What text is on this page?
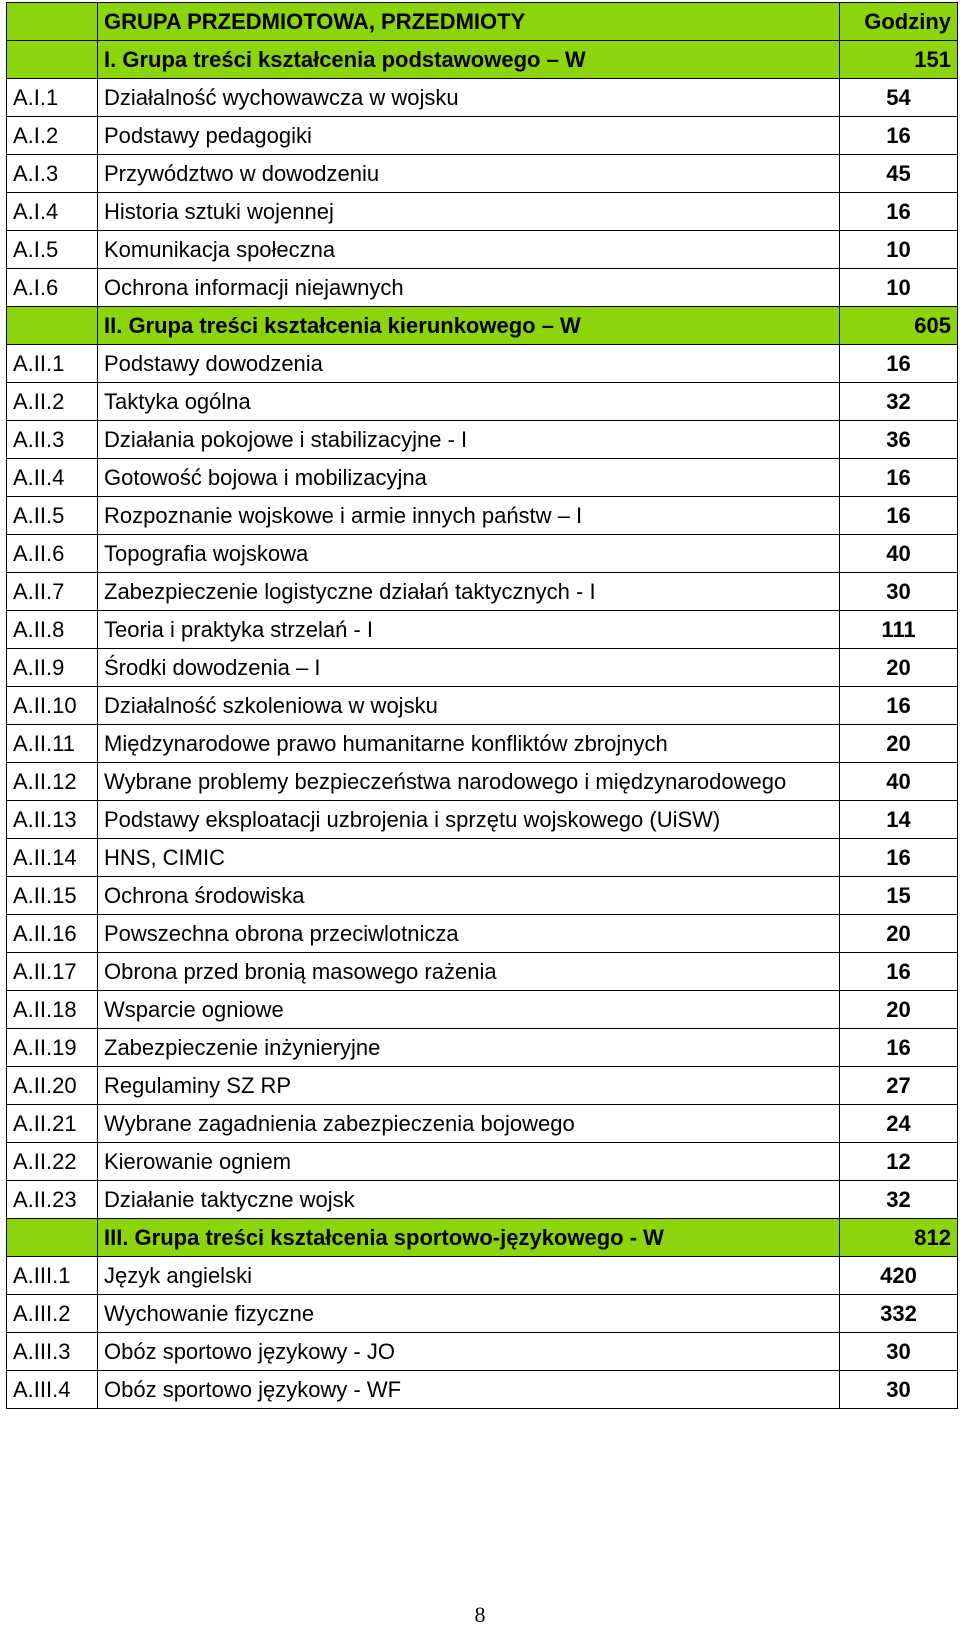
	GRUPA PRZEDMIOTOWA, PRZEDMIOTY	Godziny
	I. Grupa treści kształcenia podstawowego – W	151
A.I.1	Działalność wychowawcza w wojsku	54
A.I.2	Podstawy pedagogiki	16
A.I.3	Przywództwo w dowodzeniu	45
A.I.4	Historia sztuki wojennej	16
A.I.5	Komunikacja społeczna	10
A.I.6	Ochrona informacji niejawnych	10
	II. Grupa treści kształcenia kierunkowego – W	605
A.II.1	Podstawy dowodzenia	16
A.II.2	Taktyka ogólna	32
A.II.3	Działania pokojowe i stabilizacyjne - I	36
A.II.4	Gotowość bojowa i mobilizacyjna	16
A.II.5	Rozpoznanie wojskowe i armie innych państw – I	16
A.II.6	Topografia wojskowa	40
A.II.7	Zabezpieczenie logistyczne działań taktycznych - I	30
A.II.8	Teoria i praktyka strzelań - I	111
A.II.9	Środki dowodzenia – I	20
A.II.10	Działalność szkoleniowa w wojsku	16
A.II.11	Międzynarodowe prawo humanitarne konfliktów zbrojnych	20
A.II.12	Wybrane problemy bezpieczeństwa narodowego i międzynarodowego	40
A.II.13	Podstawy eksploatacji uzbrojenia i sprzętu wojskowego (UiSW)	14
A.II.14	HNS, CIMIC	16
A.II.15	Ochrona środowiska	15
A.II.16	Powszechna obrona przeciwlotnicza	20
A.II.17	Obrona przed bronią masowego rażenia	16
A.II.18	Wsparcie ogniowe	20
A.II.19	Zabezpieczenie inżynieryjne	16
A.II.20	Regulaminy SZ RP	27
A.II.21	Wybrane zagadnienia zabezpieczenia bojowego	24
A.II.22	Kierowanie ogniem	12
A.II.23	Działanie taktyczne wojsk	32
	III. Grupa treści kształcenia sportowo-językowego - W	812
A.III.1	Język angielski	420
A.III.2	Wychowanie fizyczne	332
A.III.3	Obóz sportowo językowy - JO	30
A.III.4	Obóz sportowo językowy - WF	30
8
